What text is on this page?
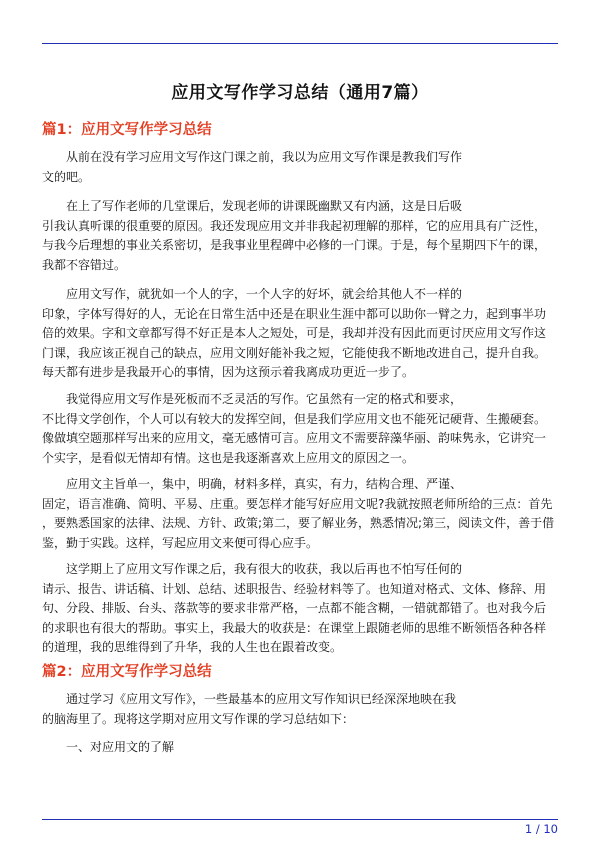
应用文写作学习总结（通用7篇）
篇1：应用文写作学习总结
从前在没有学习应用文写作这门课之前，我以为应用文写作课是教我们写作
文的吧。
在上了写作老师的几堂课后，发现老师的讲课既幽默又有内涵，这是日后吸
引我认真听课的很重要的原因。我还发现应用文并非我起初理解的那样，它的应用具有广泛性，
与我今后理想的事业关系密切，是我事业里程碑中必修的一门课。于是，每个星期四下午的课，
我都不容错过。
应用文写作，就犹如一个人的字，一个人字的好坏，就会给其他人不一样的
印象，字体写得好的人，无论在日常生活中还是在职业生涯中都可以助你一臂之力，起到事半功
倍的效果。字和文章都写得不好正是本人之短处，可是，我却并没有因此而更讨厌应用文写作这
门课，我应该正视自己的缺点，应用文刚好能补我之短，它能使我不断地改进自己，提升自我。
每天都有进步是我最开心的事情，因为这预示着我离成功更近一步了。
我觉得应用文写作是死板而不乏灵活的写作。它虽然有一定的格式和要求，
不比得文学创作，个人可以有较大的发挥空间，但是我们学应用文也不能死记硬背、生搬硬套。
像做填空题那样写出来的应用文，毫无感情可言。应用文不需要辞藻华丽、韵味隽永，它讲究一
个实字，是看似无情却有情。这也是我逐渐喜欢上应用文的原因之一。
应用文主旨单一，集中，明确，材料多样，真实，有力，结构合理、严谨、
固定，语言准确、简明、平易、庄重。要怎样才能写好应用文呢?我就按照老师所给的三点：首先
，要熟悉国家的法律、法规、方针、政策;第二，要了解业务，熟悉情况;第三，阅读文件，善于借
鉴，勤于实践。这样，写起应用文来便可得心应手。
这学期上了应用文写作课之后，我有很大的收获，我以后再也不怕写任何的
请示、报告、讲话稿、计划、总结、述职报告、经验材料等了。也知道对格式、文体、修辞、用
句、分段、排版、台头、落款等的要求非常严格，一点都不能含糊，一错就都错了。也对我今后
的求职也有很大的帮助。事实上，我最大的收获是：在课堂上跟随老师的思维不断领悟各种各样
的道理，我的思维得到了升华，我的人生也在跟着改变。
篇2：应用文写作学习总结
通过学习《应用文写作》，一些最基本的应用文写作知识已经深深地映在我
的脑海里了。现将这学期对应用文写作课的学习总结如下：
一、对应用文的了解
1 / 10
